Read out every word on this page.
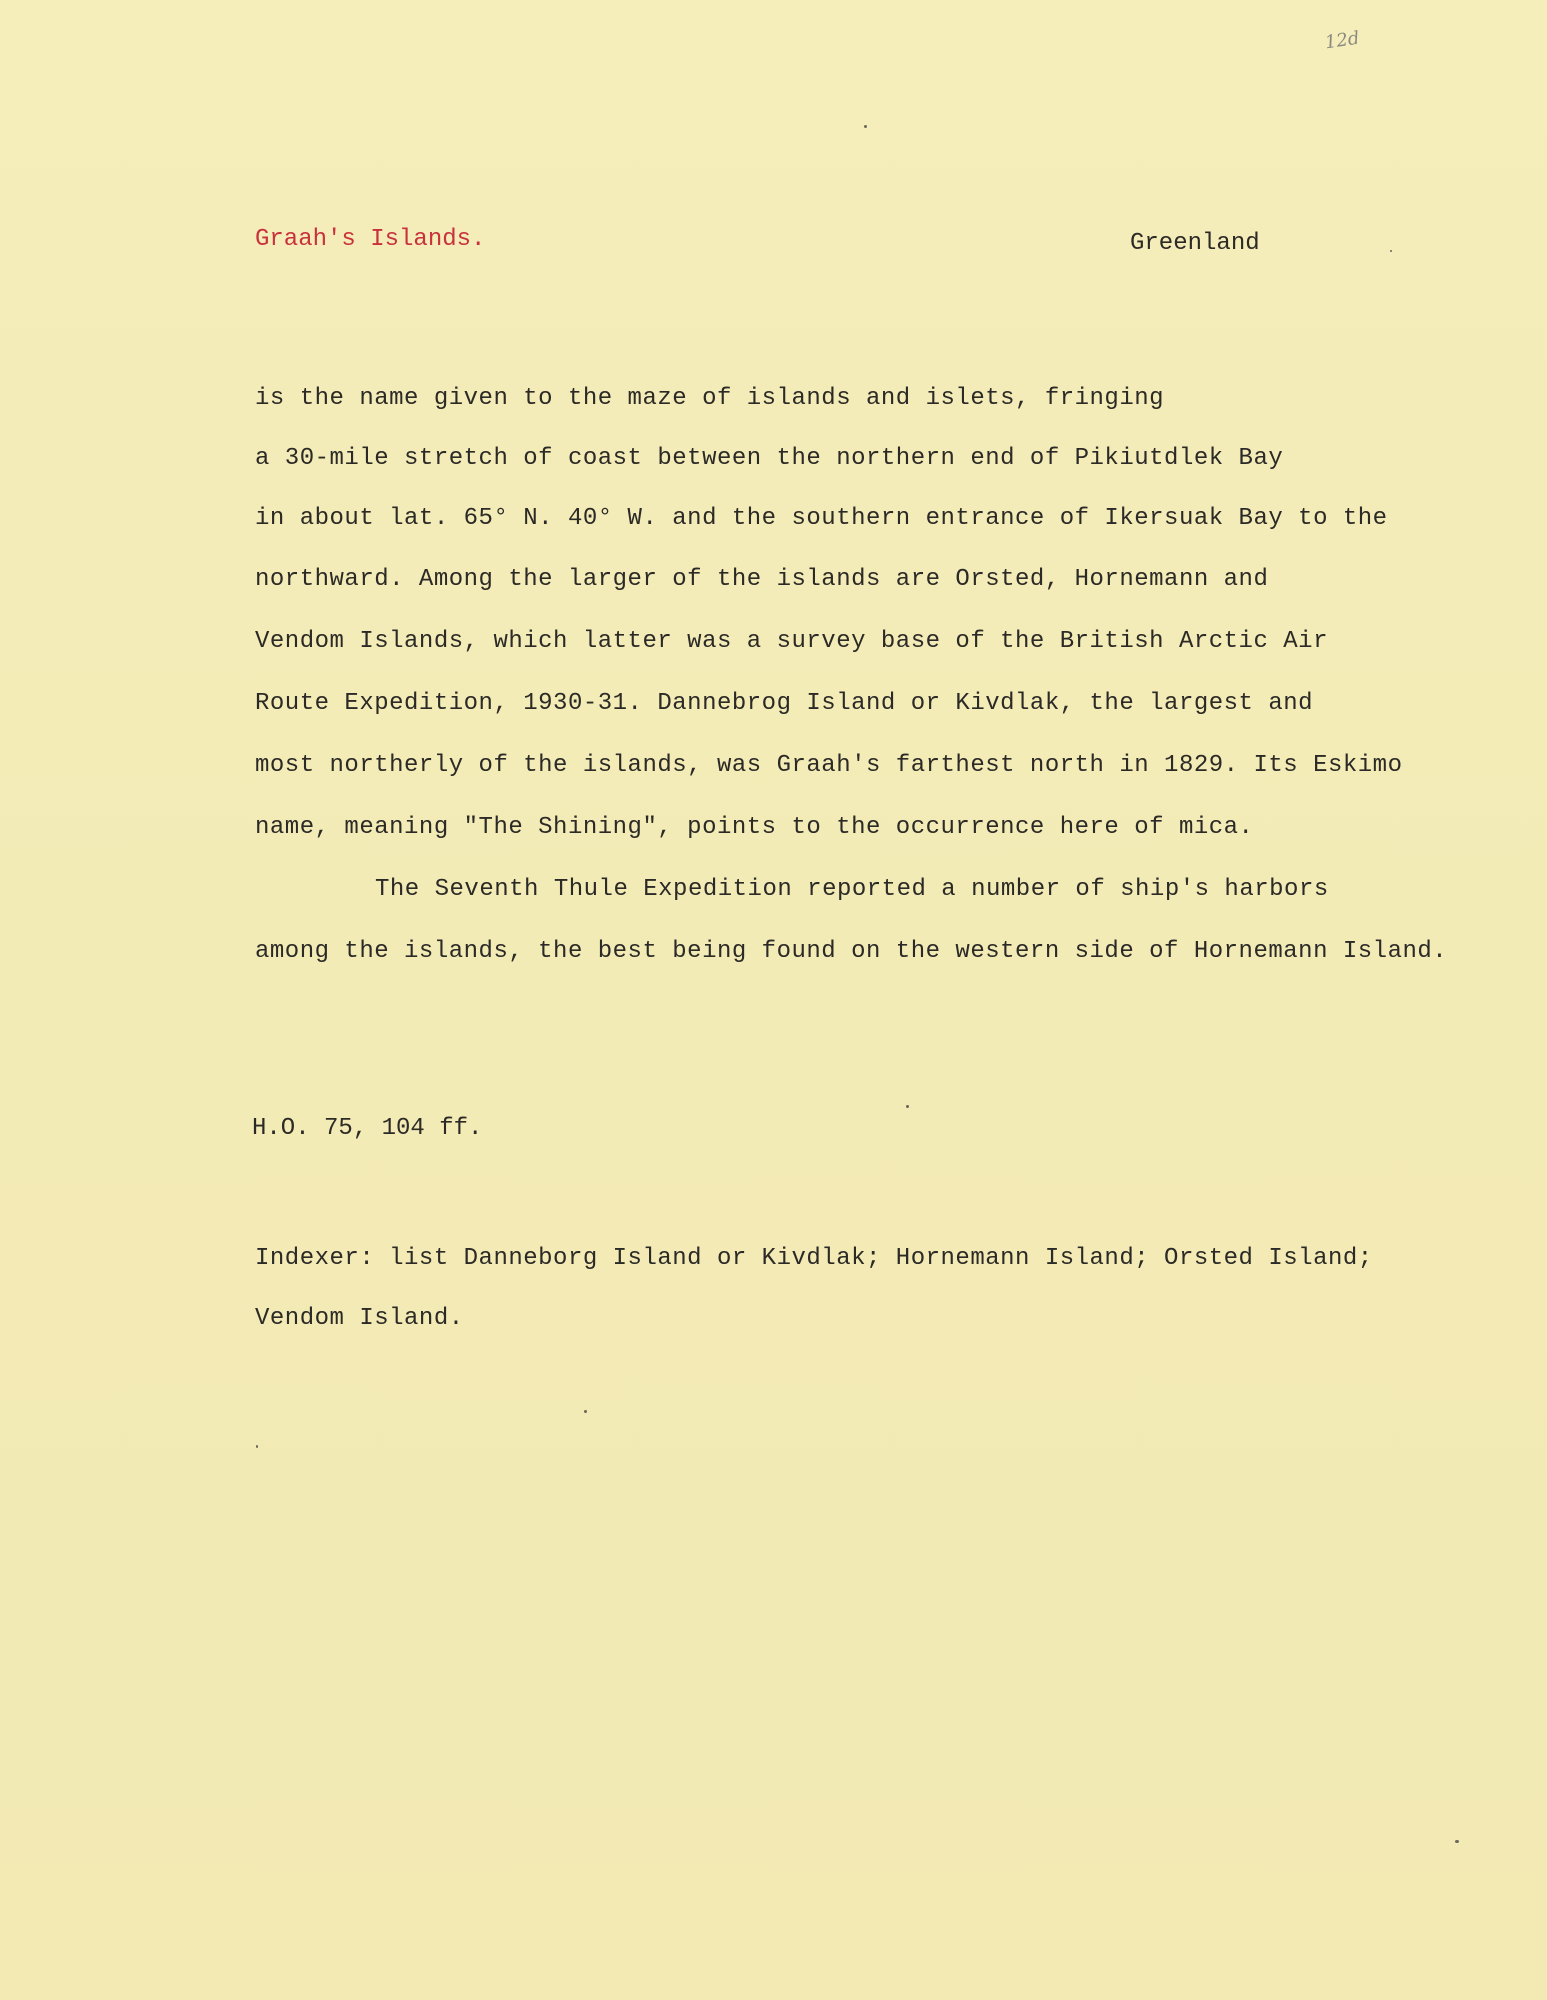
12d
Graah's Islands.	Greenland
is the name given to the maze of islands and islets, fringing
a 30-mile stretch of coast between the northern end of Pikiutdlek Bay
in about lat. 65° N. 40° W. and the southern entrance of Ikersuak Bay to the
northward. Among the larger of the islands are Orsted, Hornemann and
Vendom Islands, which latter was a survey base of the British Arctic Air
Route Expedition, 1930-31. Dannebrog Island or Kivdlak, the largest and
most northerly of the islands, was Graah's farthest north in 1829. Its Eskimo
name, meaning "The Shining", points to the occurrence here of mica.
The Seventh Thule Expedition reported a number of ship's harbors
among the islands, the best being found on the western side of Hornemann Island.
H.O. 75, 104 ff.
Indexer: list Danneborg Island or Kivdlak; Hornemann Island; Orsted Island;
Vendom Island.
